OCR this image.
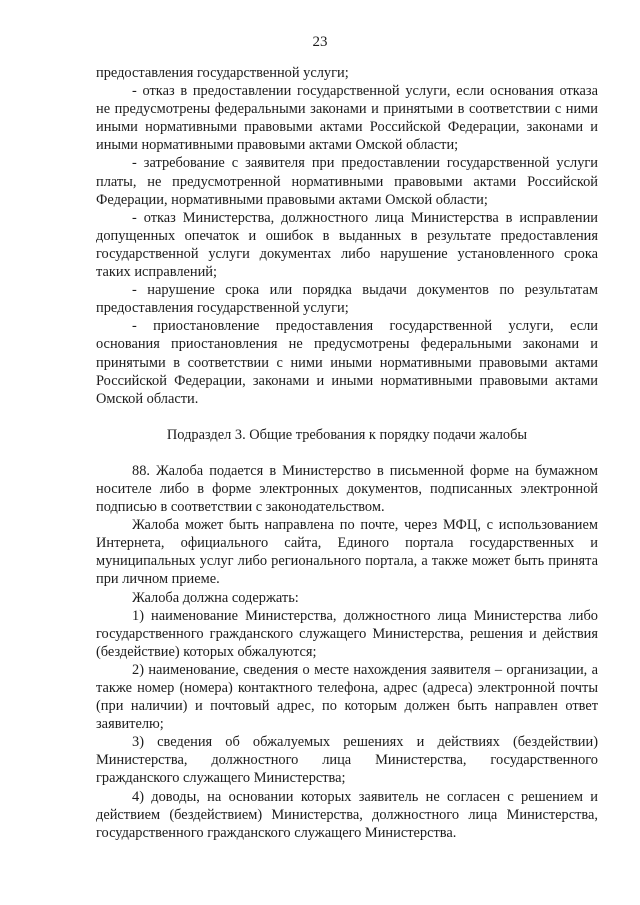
23

предоставления государственной услуги;

- отказ в предоставлении государственной услуги, если основания отказа не предусмотрены федеральными законами и принятыми в соответствии с ними иными нормативными правовыми актами Российской Федерации, законами и иными нормативными правовыми актами Омской области;

- затребование с заявителя при предоставлении государственной услуги платы, не предусмотренной нормативными правовыми актами Российской Федерации, нормативными правовыми актами Омской области;

- отказ Министерства, должностного лица Министерства в исправлении допущенных опечаток и ошибок в выданных в результате предоставления государственной услуги документах либо нарушение установленного срока таких исправлений;

- нарушение срока или порядка выдачи документов по результатам предоставления государственной услуги;

- приостановление предоставления государственной услуги, если основания приостановления не предусмотрены федеральными законами и принятыми в соответствии с ними иными нормативными правовыми актами Российской Федерации, законами и иными нормативными правовыми актами Омской области.

Подраздел 3. Общие требования к порядку подачи жалобы

88. Жалоба подается в Министерство в письменной форме на бумажном носителе либо в форме электронных документов, подписанных электронной подписью в соответствии с законодательством.

Жалоба может быть направлена по почте, через МФЦ, с использованием Интернета, официального сайта, Единого портала государственных и муниципальных услуг либо регионального портала, а также может быть принята при личном приеме.

Жалоба должна содержать:

1) наименование Министерства, должностного лица Министерства либо государственного гражданского служащего Министерства, решения и действия (бездействие) которых обжалуются;

2) наименование, сведения о месте нахождения заявителя – организации, а также номер (номера) контактного телефона, адрес (адреса) электронной почты (при наличии) и почтовый адрес, по которым должен быть направлен ответ заявителю;

3) сведения об обжалуемых решениях и действиях (бездействии) Министерства, должностного лица Министерства, государственного гражданского служащего Министерства;

4) доводы, на основании которых заявитель не согласен с решением и действием (бездействием) Министерства, должностного лица Министерства, государственного гражданского служащего Министерства.
